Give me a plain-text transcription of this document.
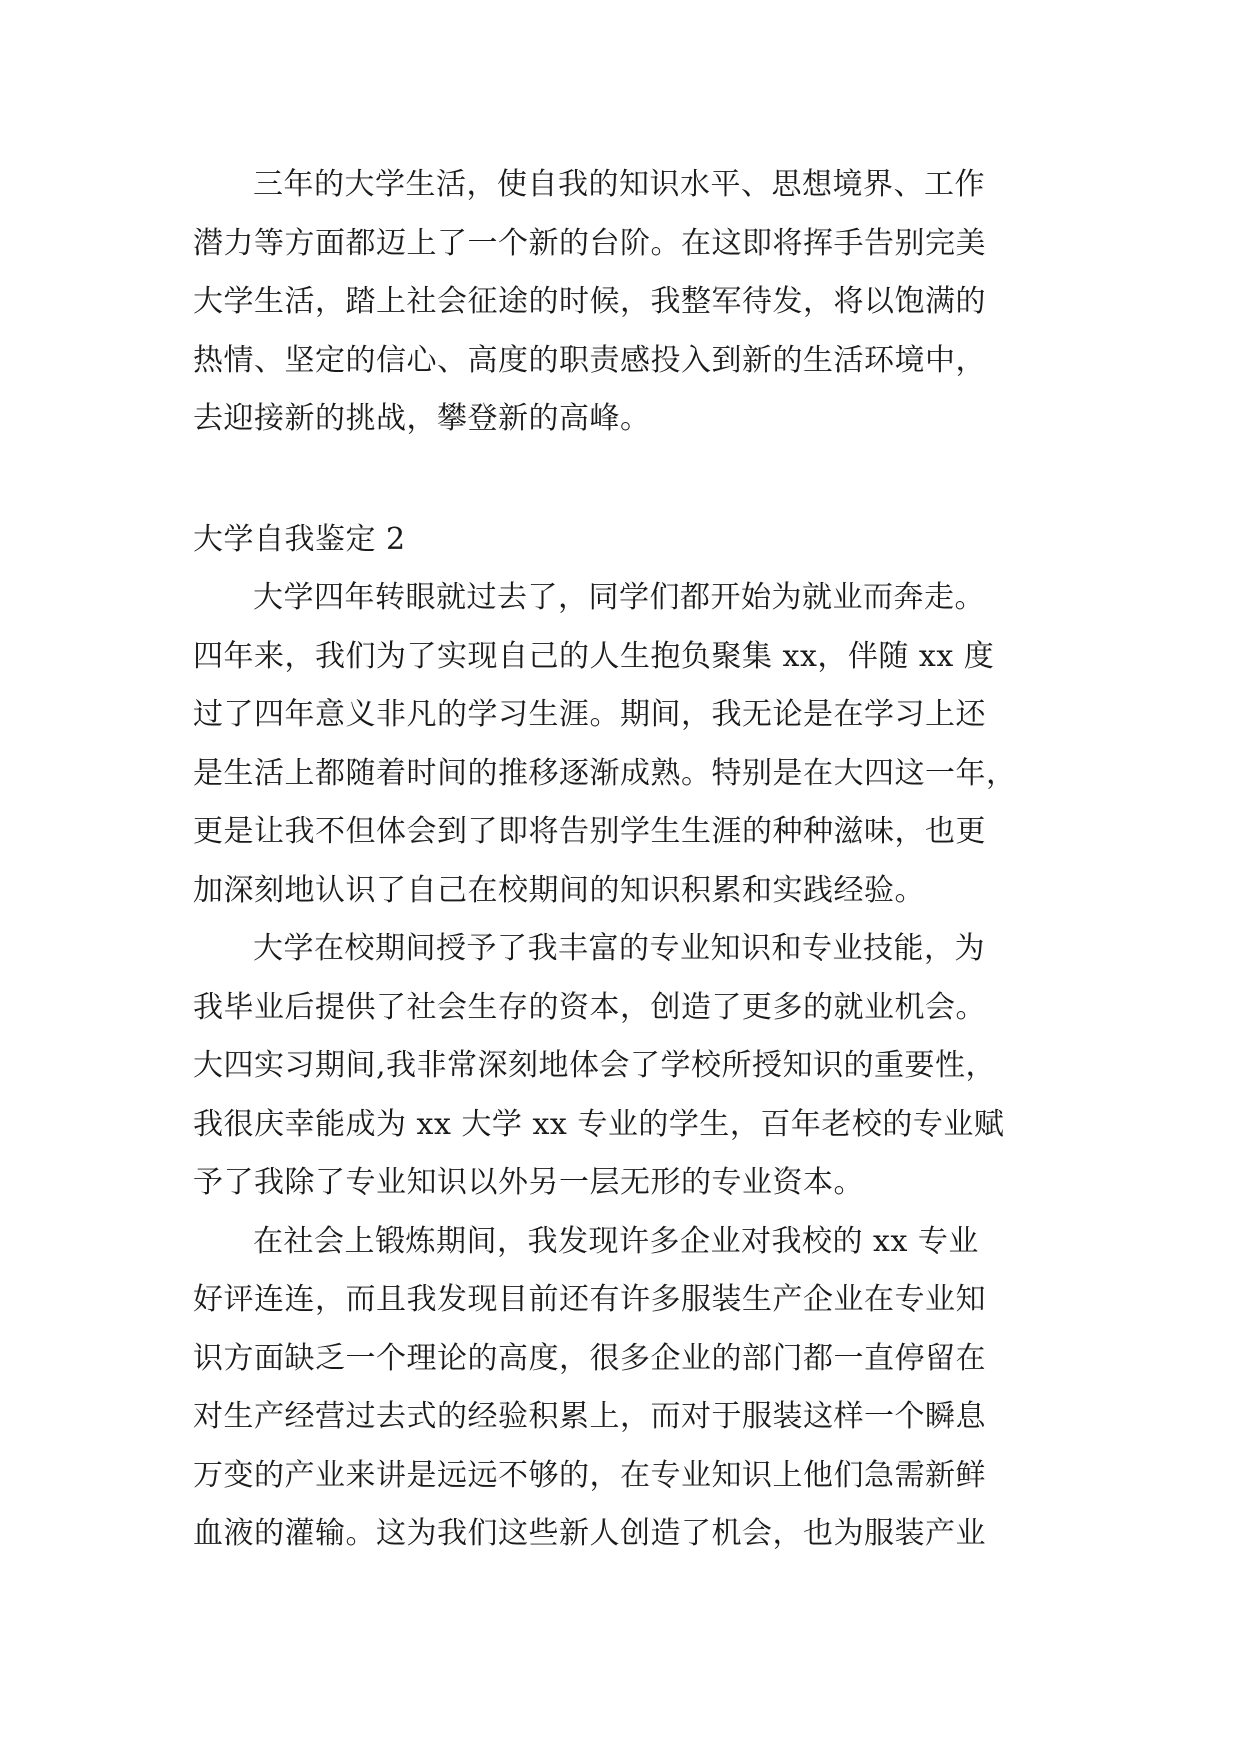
三年的大学生活，使自我的知识水平、思想境界、工作
潜力等方面都迈上了一个新的台阶。在这即将挥手告别完美
大学生活，踏上社会征途的时候，我整军待发，将以饱满的
热情、坚定的信心、高度的职责感投入到新的生活环境中，
去迎接新的挑战，攀登新的高峰。
大学自我鉴定 2
大学四年转眼就过去了，同学们都开始为就业而奔走。
四年来，我们为了实现自己的人生抱负聚集 xx，伴随 xx 度
过了四年意义非凡的学习生涯。期间，我无论是在学习上还
是生活上都随着时间的推移逐渐成熟。特别是在大四这一年，
更是让我不但体会到了即将告别学生生涯的种种滋味，也更
加深刻地认识了自己在校期间的知识积累和实践经验。
大学在校期间授予了我丰富的专业知识和专业技能，为
我毕业后提供了社会生存的资本，创造了更多的就业机会。
大四实习期间,我非常深刻地体会了学校所授知识的重要性，
我很庆幸能成为 xx 大学 xx 专业的学生，百年老校的专业赋
予了我除了专业知识以外另一层无形的专业资本。
在社会上锻炼期间，我发现许多企业对我校的 xx 专业
好评连连，而且我发现目前还有许多服装生产企业在专业知
识方面缺乏一个理论的高度，很多企业的部门都一直停留在
对生产经营过去式的经验积累上，而对于服装这样一个瞬息
万变的产业来讲是远远不够的，在专业知识上他们急需新鲜
血液的灌输。这为我们这些新人创造了机会，也为服装产业
